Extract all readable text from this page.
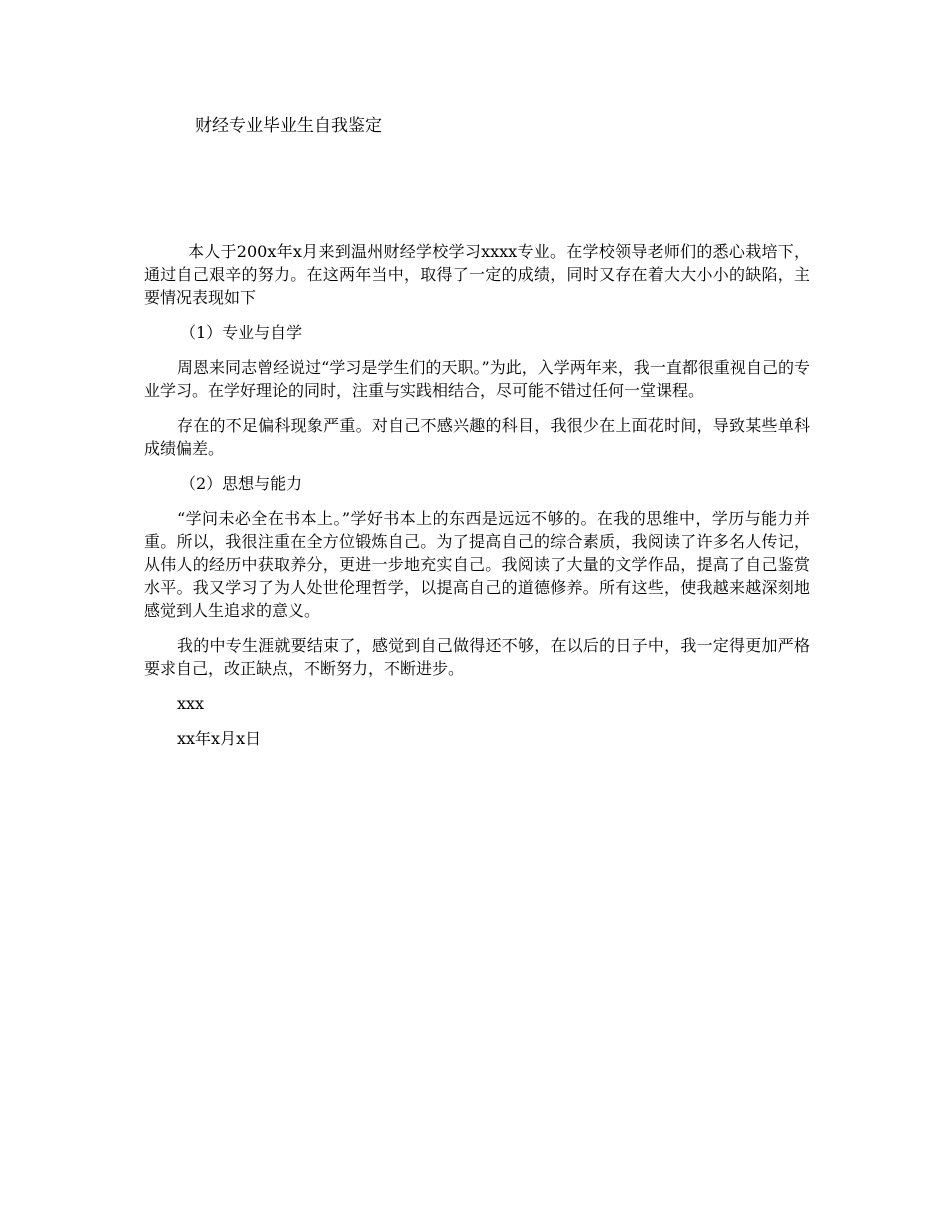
财经专业毕业生自我鉴定

本人于200x年x月来到温州财经学校学习xxxx专业。在学校领导老师们的悉心栽培下，通过自己艰辛的努力。在这两年当中，取得了一定的成绩，同时又存在着大大小小的缺陷，主要情况表现如下

（1）专业与自学

周恩来同志曾经说过“学习是学生们的天职。”为此，入学两年来，我一直都很重视自己的专业学习。在学好理论的同时，注重与实践相结合，尽可能不错过任何一堂课程。

存在的不足偏科现象严重。对自己不感兴趣的科目，我很少在上面花时间，导致某些单科成绩偏差。

（2）思想与能力

“学问未必全在书本上。”学好书本上的东西是远远不够的。在我的思维中，学历与能力并重。所以，我很注重在全方位锻炼自己。为了提高自己的综合素质，我阅读了许多名人传记，从伟人的经历中获取养分，更进一步地充实自己。我阅读了大量的文学作品，提高了自己鉴赏水平。我又学习了为人处世伦理哲学，以提高自己的道德修养。所有这些，使我越来越深刻地感觉到人生追求的意义。

我的中专生涯就要结束了，感觉到自己做得还不够，在以后的日子中，我一定得更加严格要求自己，改正缺点，不断努力，不断进步。

xxx

xx年x月x日
